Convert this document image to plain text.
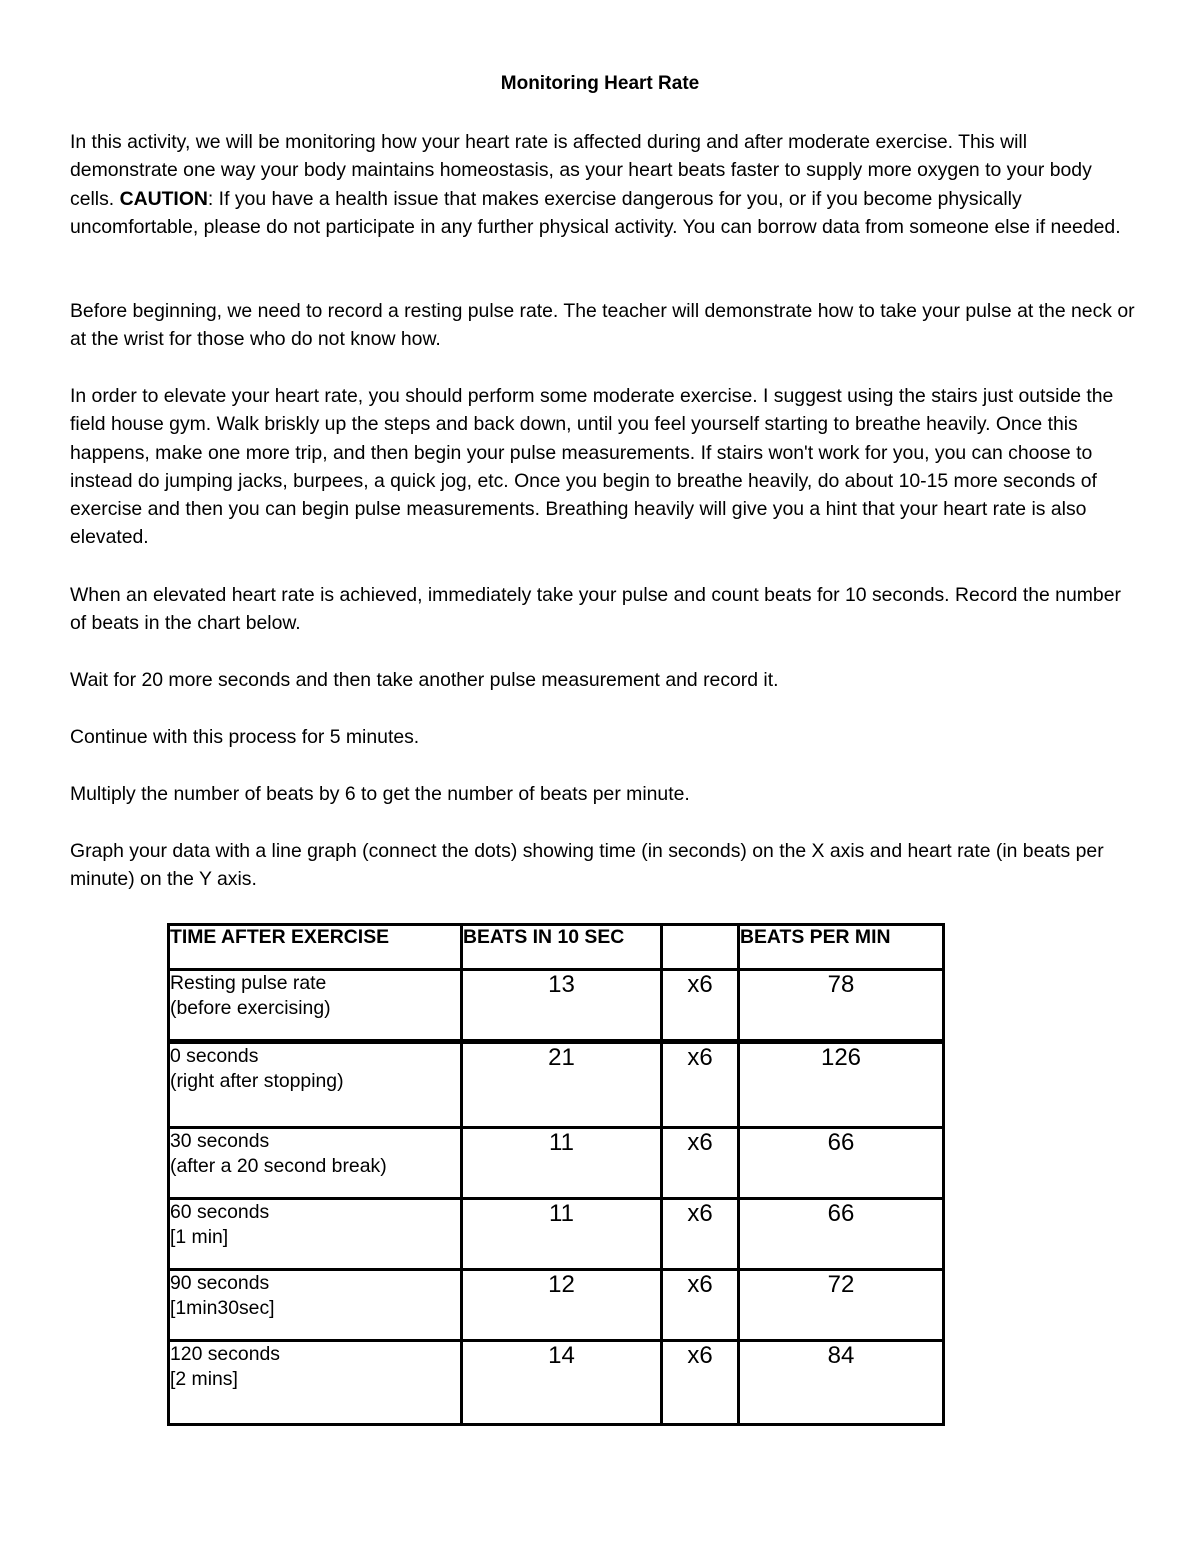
Monitoring Heart Rate

In this activity, we will be monitoring how your heart rate is affected during and after moderate exercise. This will demonstrate one way your body maintains homeostasis, as your heart beats faster to supply more oxygen to your body cells. CAUTION: If you have a health issue that makes exercise dangerous for you, or if you become physically uncomfortable, please do not participate in any further physical activity. You can borrow data from someone else if needed.

Before beginning, we need to record a resting pulse rate. The teacher will demonstrate how to take your pulse at the neck or at the wrist for those who do not know how.

In order to elevate your heart rate, you should perform some moderate exercise. I suggest using the stairs just outside the field house gym. Walk briskly up the steps and back down, until you feel yourself starting to breathe heavily. Once this happens, make one more trip, and then begin your pulse measurements. If stairs won't work for you, you can choose to instead do jumping jacks, burpees, a quick jog, etc. Once you begin to breathe heavily, do about 10-15 more seconds of exercise and then you can begin pulse measurements. Breathing heavily will give you a hint that your heart rate is also elevated.

When an elevated heart rate is achieved, immediately take your pulse and count beats for 10 seconds. Record the number of beats in the chart below.

Wait for 20 more seconds and then take another pulse measurement and record it.

Continue with this process for 5 minutes.

Multiply the number of beats by 6 to get the number of beats per minute.

Graph your data with a line graph (connect the dots) showing time (in seconds) on the X axis and heart rate (in beats per minute) on the Y axis.

TIME AFTER EXERCISE	BEATS IN 10 SEC		BEATS PER MIN

Resting pulse rate
(before exercising)	13	x6	78

0 seconds
(right after stopping)	21	x6	126

30 seconds
(after a 20 second break)	11	x6	66

60 seconds
[1 min]	11	x6	66

90 seconds
[1min30sec]	12	x6	72

120 seconds
[2 mins]	14	x6	84
